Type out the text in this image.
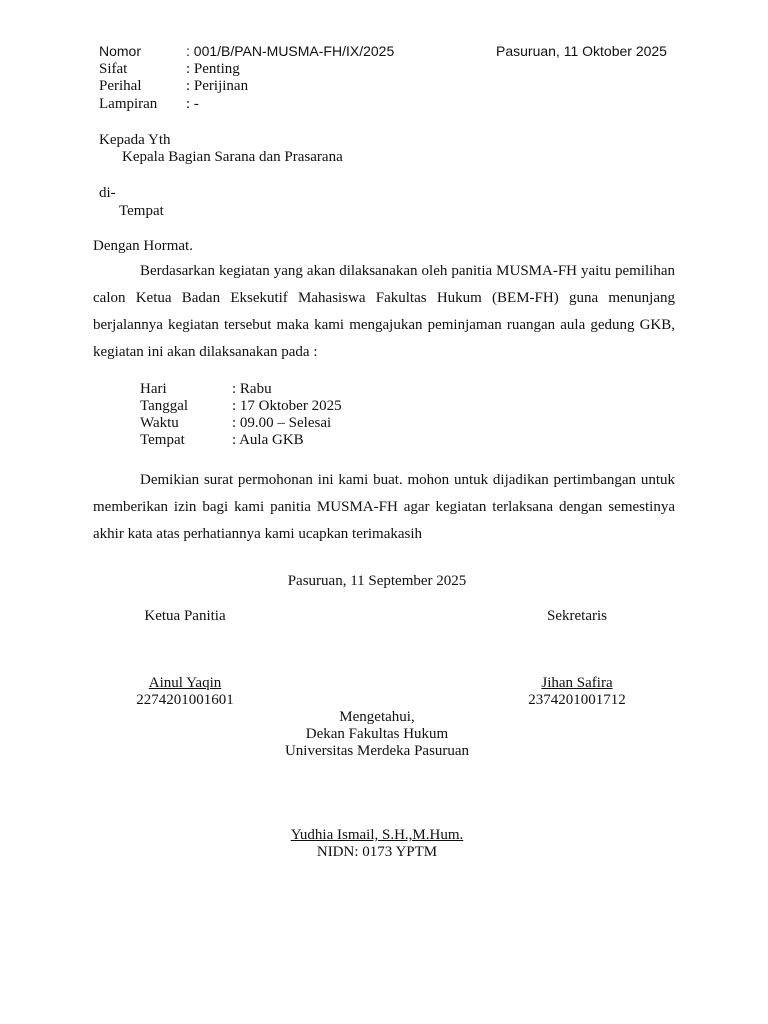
Nomor	: 001/B/PAN-MUSMA-FH/IX/2025	Pasuruan, 11 Oktober 2025
Sifat	: Penting
Perihal	: Perijinan
Lampiran : -
Kepada Yth
Kepala Bagian Sarana dan Prasarana
di-
Tempat
Dengan Hormat.

Berdasarkan kegiatan yang akan dilaksanakan oleh panitia MUSMA-FH yaitu pemilihan calon Ketua Badan Eksekutif Mahasiswa Fakultas Hukum (BEM-FH) guna menunjang berjalannya kegiatan tersebut maka kami mengajukan peminjaman ruangan aula gedung GKB, kegiatan ini akan dilaksanakan pada :

Hari	: Rabu
Tanggal	: 17 Oktober 2025
Waktu	: 09.00 – Selesai
Tempat	: Aula GKB

Demikian surat permohonan ini kami buat. mohon untuk dijadikan pertimbangan untuk memberikan izin bagi kami panitia MUSMA-FH agar kegiatan terlaksana dengan semestinya akhir kata atas perhatiannya kami ucapkan terimakasih

Pasuruan, 11 September 2025
Ketua Panitia	Sekretaris
Ainul Yaqin
2274201001601
Jihan Safira
2374201001712
Mengetahui,
Dekan Fakultas Hukum
Universitas Merdeka Pasuruan
Yudhia Ismail, S.H.,M.Hum.
NIDN: 0173 YPTM
